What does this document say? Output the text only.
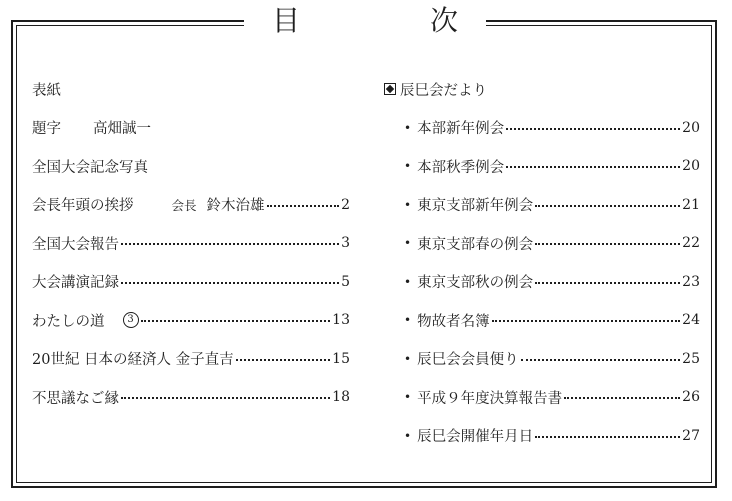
目	次
表紙
題字 高畑誠一
全国大会記念写真
会長年頭の挨拶	会長 鈴木治雄	2
全国大会報告	3
大会講演記録	5
わたしの道	3	13
20世紀 日本の経済人 金子直吉	15
不思議なご縁	18
辰巳会だより
• 本部新年例会	20
• 本部秋季例会	20
• 東京支部新年例会	21
• 東京支部春の例会	22
• 東京支部秋の例会	23
• 物故者名簿	24
• 辰巳会会員便り	25
• 平成９年度決算報告書	26
• 辰巳会開催年月日	27
